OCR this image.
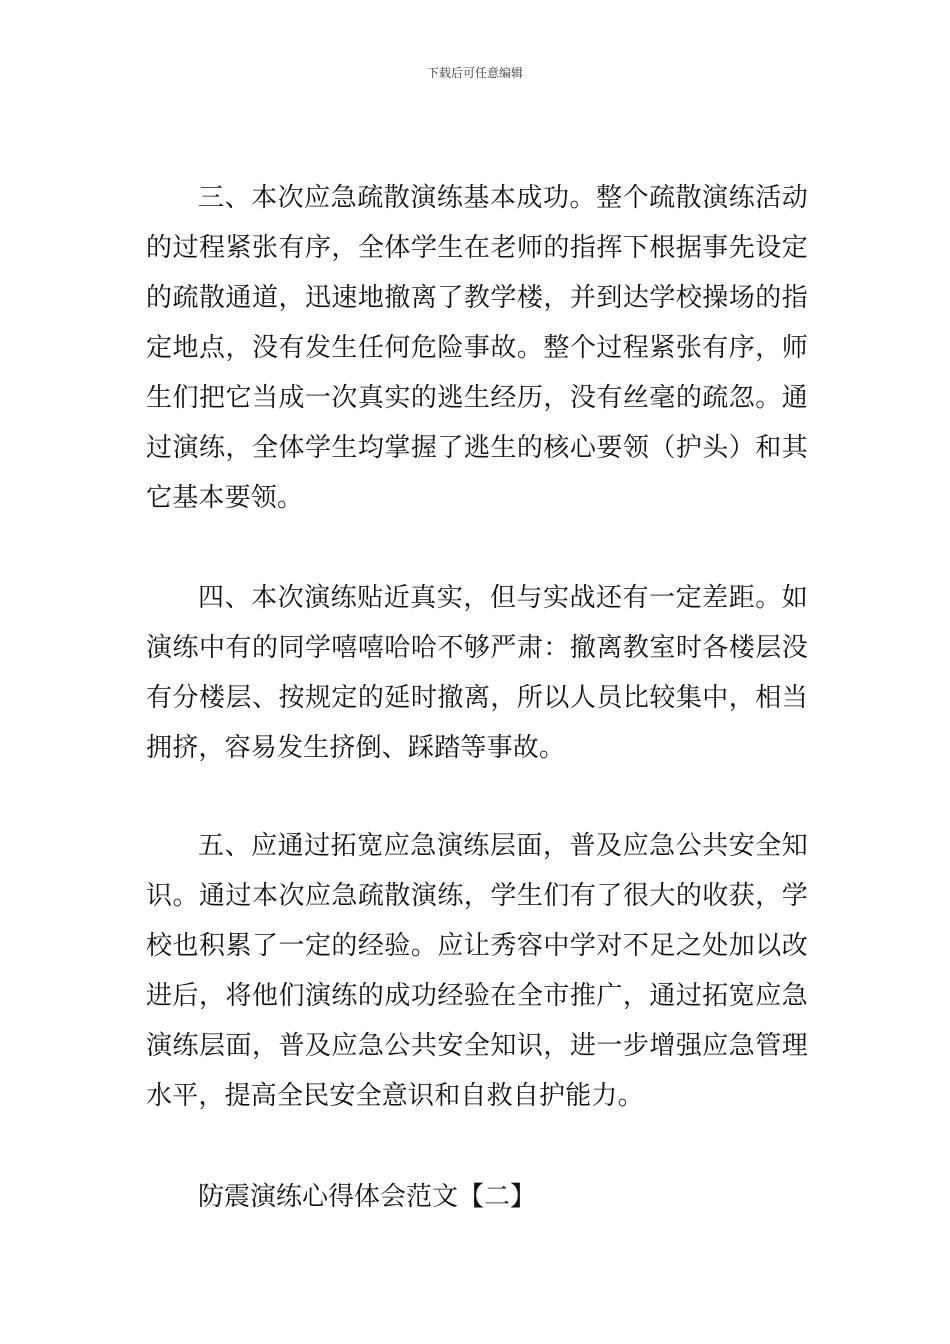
下载后可任意编辑

三、本次应急疏散演练基本成功。整个疏散演练活动的过程紧张有序，全体学生在老师的指挥下根据事先设定的疏散通道，迅速地撤离了教学楼，并到达学校操场的指定地点，没有发生任何危险事故。整个过程紧张有序，师生们把它当成一次真实的逃生经历，没有丝毫的疏忽。通过演练，全体学生均掌握了逃生的核心要领（护头）和其它基本要领。

四、本次演练贴近真实，但与实战还有一定差距。如演练中有的同学嘻嘻哈哈不够严肃：撤离教室时各楼层没有分楼层、按规定的延时撤离，所以人员比较集中，相当拥挤，容易发生挤倒、踩踏等事故。

五、应通过拓宽应急演练层面，普及应急公共安全知识。通过本次应急疏散演练，学生们有了很大的收获，学校也积累了一定的经验。应让秀容中学对不足之处加以改进后，将他们演练的成功经验在全市推广，通过拓宽应急演练层面，普及应急公共安全知识，进一步增强应急管理水平，提高全民安全意识和自救自护能力。

防震演练心得体会范文【二】
